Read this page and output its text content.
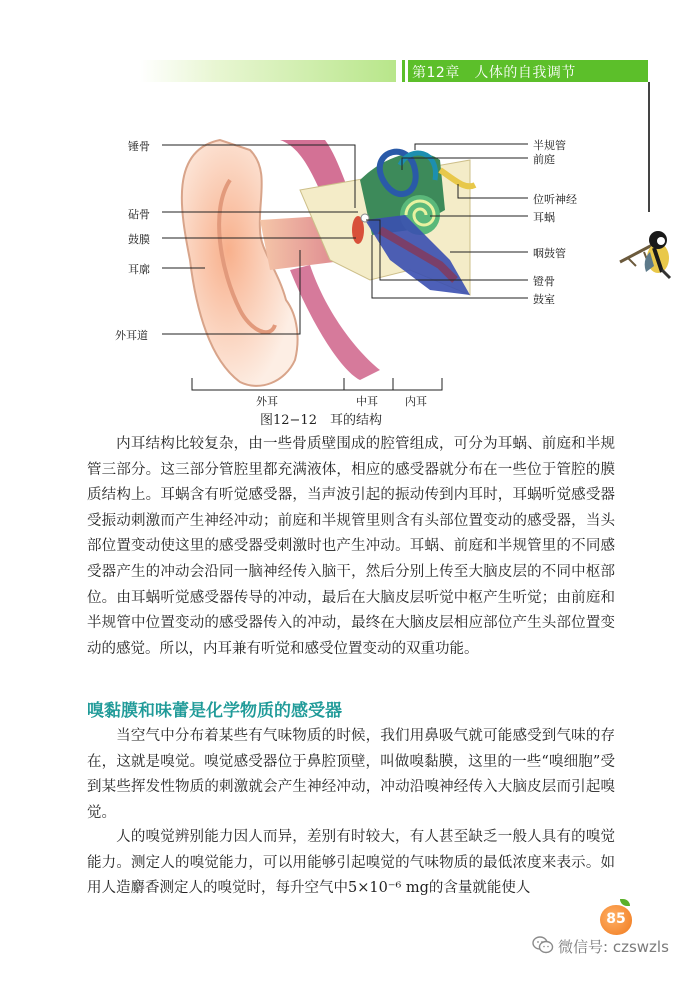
第12章　人体的自我调节
锤骨
砧骨
鼓膜
耳廓
外耳道
半规管
前庭
位听神经
耳蜗
咽鼓管
镫骨
鼓室
外耳	中耳 内耳
图12−12　耳的结构
内耳结构比较复杂，由一些骨质壁围成的腔管组成，可分为耳蜗、前庭和半规管三部分。这三部分管腔里都充满液体，相应的感受器就分布在一些位于管腔的膜质结构上。耳蜗含有听觉感受器，当声波引起的振动传到内耳时，耳蜗听觉感受器受振动刺激而产生神经冲动；前庭和半规管里则含有头部位置变动的感受器，当头部位置变动使这里的感受器受刺激时也产生冲动。耳蜗、前庭和半规管里的不同感受器产生的冲动会沿同一脑神经传入脑干，然后分别上传至大脑皮层的不同中枢部位。由耳蜗听觉感受器传导的冲动，最后在大脑皮层听觉中枢产生听觉；由前庭和半规管中位置变动的感受器传入的冲动，最终在大脑皮层相应部位产生头部位置变动的感觉。所以，内耳兼有听觉和感受位置变动的双重功能。
嗅黏膜和味蕾是化学物质的感受器
当空气中分布着某些有气味物质的时候，我们用鼻吸气就可能感受到气味的存在，这就是嗅觉。嗅觉感受器位于鼻腔顶壁，叫做嗅黏膜，这里的一些“嗅细胞”受到某些挥发性物质的刺激就会产生神经冲动，冲动沿嗅神经传入大脑皮层而引起嗅觉。
人的嗅觉辨别能力因人而异，差别有时较大，有人甚至缺乏一般人具有的嗅觉能力。测定人的嗅觉能力，可以用能够引起嗅觉的气味物质的最低浓度来表示。如用人造麝香测定人的嗅觉时，每升空气中5×10⁻⁶ mg的含量就能使人
85
微信号: czswzls
